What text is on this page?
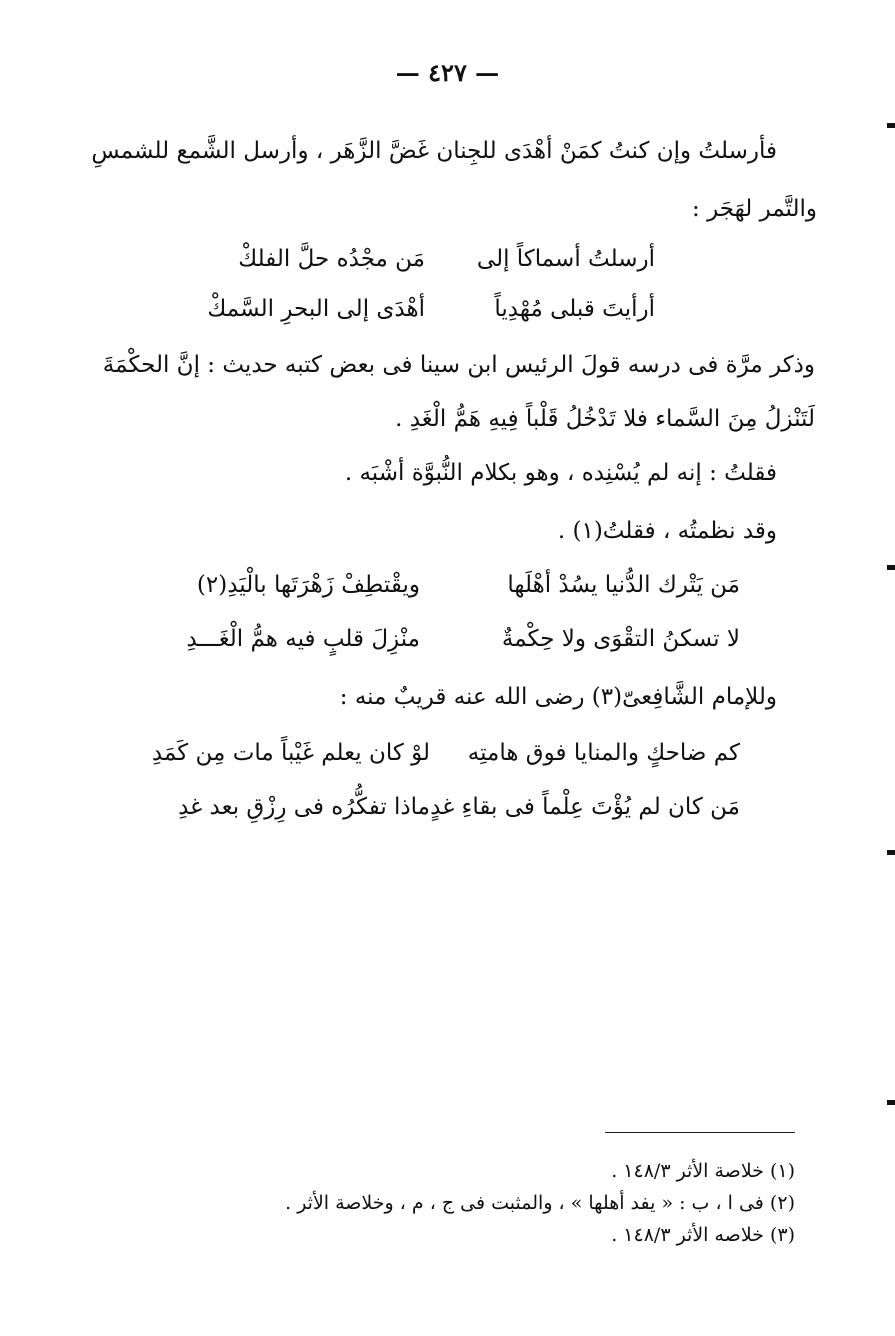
— ٤٢٧ —
فأرسلتُ وإن كنتُ كمَنْ أهْدَى للجِنان غَضَّ الزَّهَر ، وأرسل الشَّمع للشمسِ
والتَّمر لهَجَر :
أرسلتُ أسماكاً إلى
مَن مجْدُه حلَّ الفلكْ
أرأيتَ قبلى مُهْدِياً
أهْدَى إلى البحرِ السَّمكْ
وذكر مرَّة فى درسه قولَ الرئيس ابن سينا فى بعض كتبه حديث : إنَّ الحكْمَةَ
لَتَنْزلُ مِنَ السَّماء فلا تَدْخُلُ قَلْباً فِيهِ هَمُّ الْغَدِ .
فقلتُ : إنه لم يُسْنِده ، وهو بكلام النُّبوَّة أشْبَه .
وقد نظمتُه ، فقلتُ(١) .
مَن يَتْرك الدُّنيا يسُدْ أهْلَها
ويقْتطِفْ زَهْرَتَها بالْيَدِ(٢)
لا تسكنُ التقْوَى ولا حِكْمةٌ
منْزِلَ قلبٍ فيه همُّ الْغَـــدِ
وللإمام الشَّافِعىّ(٣) رضى الله عنه قريبٌ منه :
كم ضاحكٍ والمنايا فوق هامتِه
لوْ كان يعلم غَيْباً مات مِن كَمَدِ
مَن كان لم يُؤْتَ عِلْماً فى بقاءِ غدٍ
ماذا تفكُّرُه فى رِزْقِ بعد غدِ
(١) خلاصة الأثر ١٤٨/٣ .
(٢) فى ا ، ب : « يفد أهلها » ، والمثبت فى ج ، م ، وخلاصة الأثر .
(٣) خلاصه الأثر ١٤٨/٣ .
